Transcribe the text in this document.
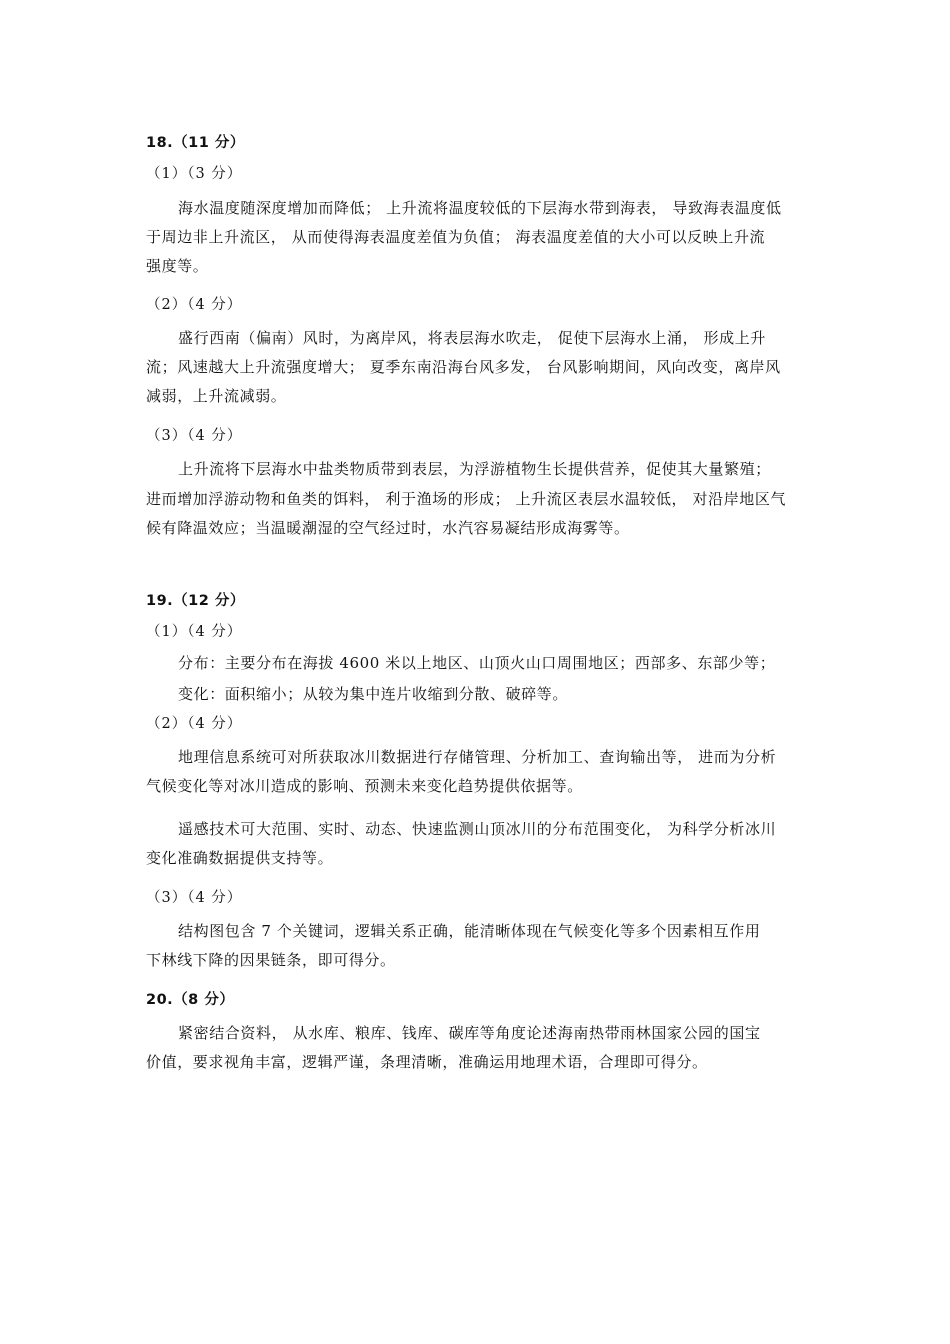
18.（11 分）
（1）（3 分）
海水温度随深度增加而降低； 上升流将温度较低的下层海水带到海表， 导致海表温度低
于周边非上升流区， 从而使得海表温度差值为负值； 海表温度差值的大小可以反映上升流
强度等。
（2）（4 分）
盛行西南（偏南）风时，为离岸风，将表层海水吹走， 促使下层海水上涌， 形成上升
流；风速越大上升流强度增大； 夏季东南沿海台风多发， 台风影响期间，风向改变，离岸风
减弱，上升流减弱。
（3）（4 分）
上升流将下层海水中盐类物质带到表层，为浮游植物生长提供营养，促使其大量繁殖；
进而增加浮游动物和鱼类的饵料， 利于渔场的形成； 上升流区表层水温较低， 对沿岸地区气
候有降温效应；当温暖潮湿的空气经过时，水汽容易凝结形成海雾等。
19.（12 分）
（1）（4 分）
分布：主要分布在海拔 4600 米以上地区、山顶火山口周围地区；西部多、东部少等；
变化：面积缩小；从较为集中连片收缩到分散、破碎等。
（2）（4 分）
地理信息系统可对所获取冰川数据进行存储管理、分析加工、查询输出等， 进而为分析
气候变化等对冰川造成的影响、预测未来变化趋势提供依据等。
遥感技术可大范围、实时、动态、快速监测山顶冰川的分布范围变化， 为科学分析冰川
变化准确数据提供支持等。
（3）（4 分）
结构图包含 7 个关键词，逻辑关系正确，能清晰体现在气候变化等多个因素相互作用
下林线下降的因果链条，即可得分。
20.（8 分）
紧密结合资料， 从水库、粮库、钱库、碳库等角度论述海南热带雨林国家公园的国宝
价值，要求视角丰富，逻辑严谨，条理清晰，准确运用地理术语，合理即可得分。
